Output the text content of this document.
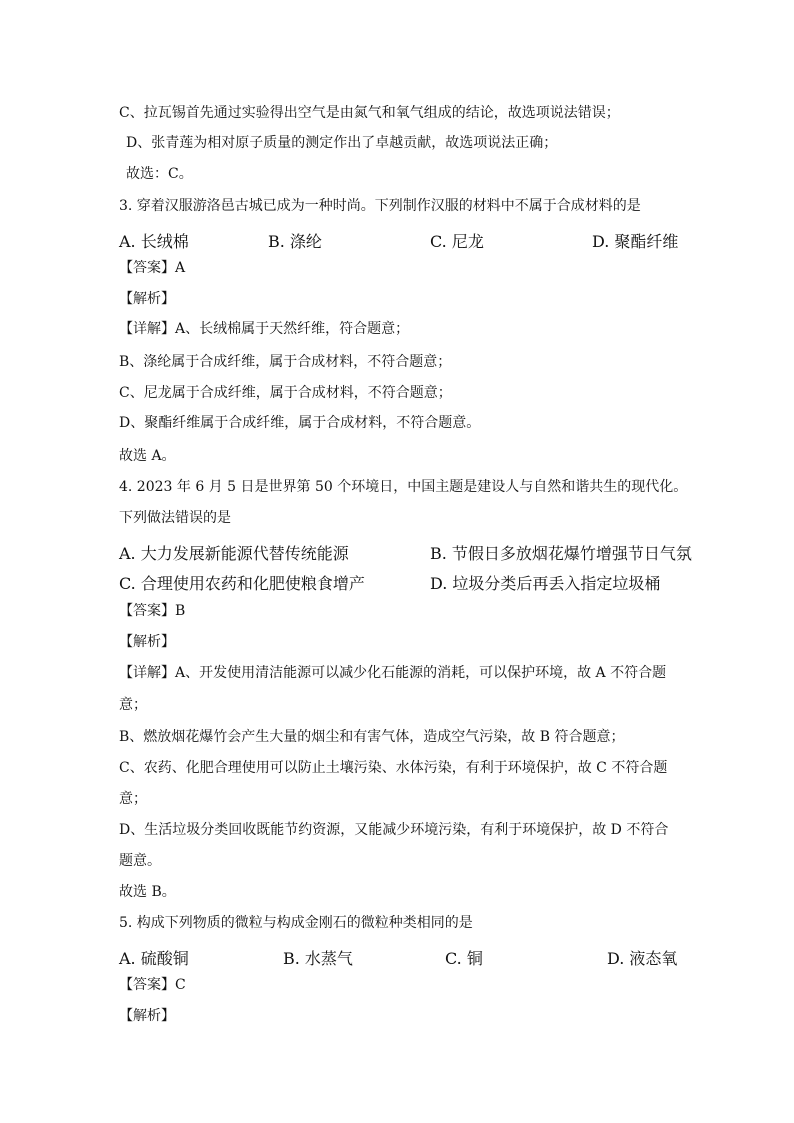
C、拉瓦锡首先通过实验得出空气是由氮气和氧气组成的结论，故选项说法错误；
D、张青莲为相对原子质量的测定作出了卓越贡献，故选项说法正确；
故选：C。
3. 穿着汉服游洛邑古城已成为一种时尚。下列制作汉服的材料中不属于合成材料的是
A. 长绒棉	B. 涤纶	C. 尼龙	D. 聚酯纤维
【答案】A
【解析】
【详解】A、长绒棉属于天然纤维，符合题意；
B、涤纶属于合成纤维，属于合成材料，不符合题意；
C、尼龙属于合成纤维，属于合成材料，不符合题意；
D、聚酯纤维属于合成纤维，属于合成材料，不符合题意。
故选 A。
4. 2023 年 6 月 5 日是世界第 50 个环境日，中国主题是建设人与自然和谐共生的现代化。
下列做法错误的是
A. 大力发展新能源代替传统能源	B. 节假日多放烟花爆竹增强节日气氛
C. 合理使用农药和化肥使粮食增产	D. 垃圾分类后再丢入指定垃圾桶
【答案】B
【解析】
【详解】A、开发使用清洁能源可以减少化石能源的消耗，可以保护环境，故 A 不符合题
意；
B、燃放烟花爆竹会产生大量的烟尘和有害气体，造成空气污染，故 B 符合题意；
C、农药、化肥合理使用可以防止土壤污染、水体污染，有利于环境保护，故 C 不符合题
意；
D、生活垃圾分类回收既能节约资源，又能减少环境污染，有利于环境保护，故 D 不符合
题意。
故选 B。
5. 构成下列物质的微粒与构成金刚石的微粒种类相同的是
A. 硫酸铜	B. 水蒸气	C. 铜	D. 液态氧
【答案】C
【解析】
